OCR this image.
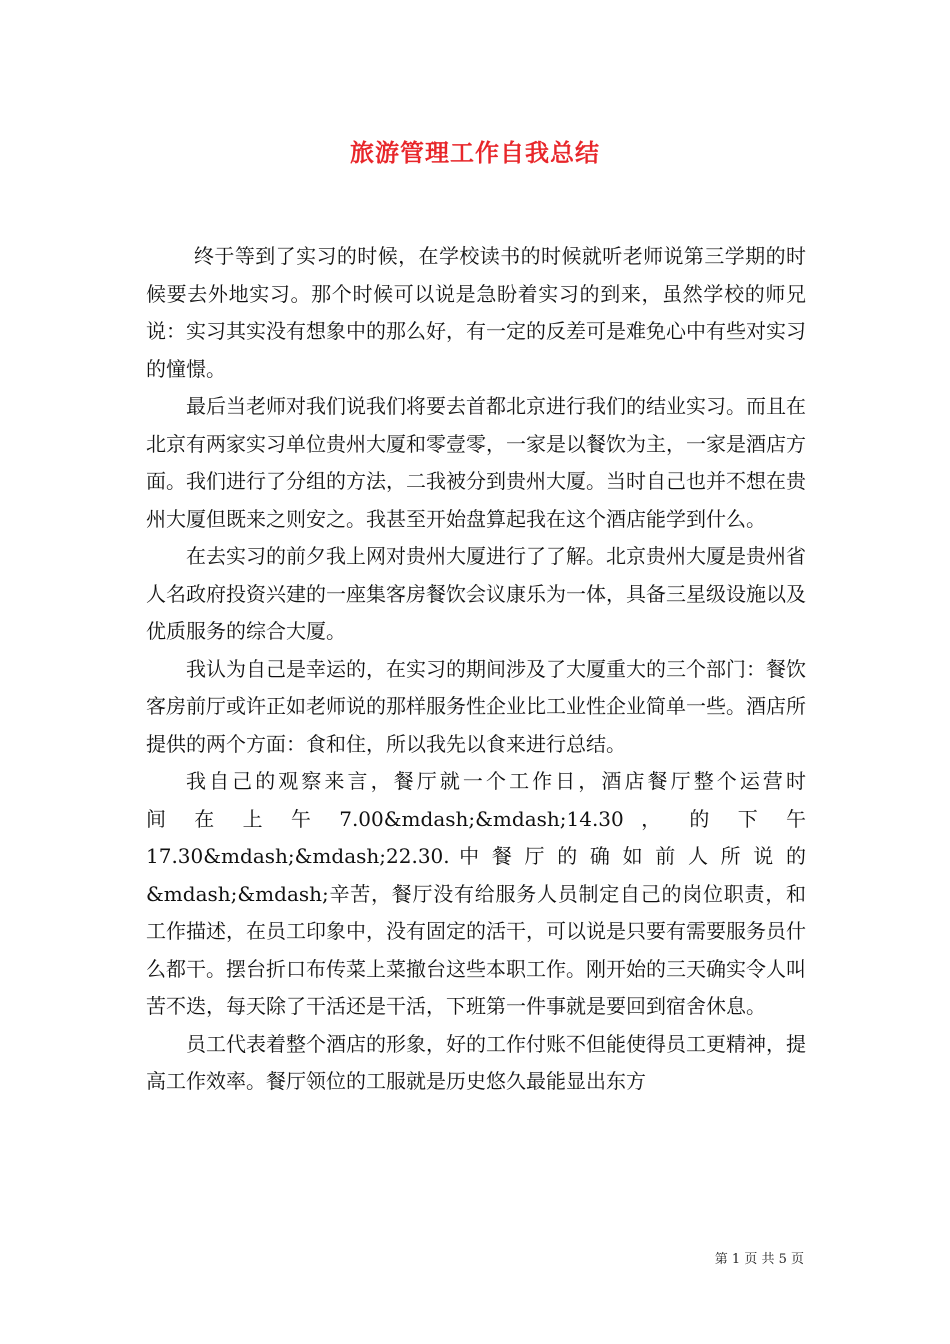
旅游管理工作自我总结

终于等到了实习的时候，在学校读书的时候就听老师说第三学期的时候要去外地实习。那个时候可以说是急盼着实习的到来，虽然学校的师兄说：实习其实没有想象中的那么好，有一定的反差可是难免心中有些对实习的憧憬。

最后当老师对我们说我们将要去首都北京进行我们的结业实习。而且在北京有两家实习单位贵州大厦和零壹零，一家是以餐饮为主，一家是酒店方面。我们进行了分组的方法，二我被分到贵州大厦。当时自己也并不想在贵州大厦但既来之则安之。我甚至开始盘算起我在这个酒店能学到什么。

在去实习的前夕我上网对贵州大厦进行了了解。北京贵州大厦是贵州省人名政府投资兴建的一座集客房餐饮会议康乐为一体，具备三星级设施以及优质服务的综合大厦。

我认为自己是幸运的，在实习的期间涉及了大厦重大的三个部门：餐饮客房前厅或许正如老师说的那样服务性企业比工业性企业简单一些。酒店所提供的两个方面：食和住，所以我先以食来进行总结。

我自己的观察来言，餐厅就一个工作日，酒店餐厅整个运营时

间 在 上 午 7.00&mdash;&mdash;14.30 ， 的 下 午

17.30&mdash;&mdash;22.30. 中 餐 厅 的 确 如 前 人 所 说 的

&mdash;&mdash;辛苦，餐厅没有给服务人员制定自己的岗位职责，和工作描述，在员工印象中，没有固定的活干，可以说是只要有需要服务员什么都干。摆台折口布传菜上菜撤台这些本职工作。刚开始的三天确实令人叫苦不迭，每天除了干活还是干活，下班第一件事就是要回到宿舍休息。

员工代表着整个酒店的形象，好的工作付账不但能使得员工更精神，提高工作效率。餐厅领位的工服就是历史悠久最能显出东方

第 1 页 共 5 页
